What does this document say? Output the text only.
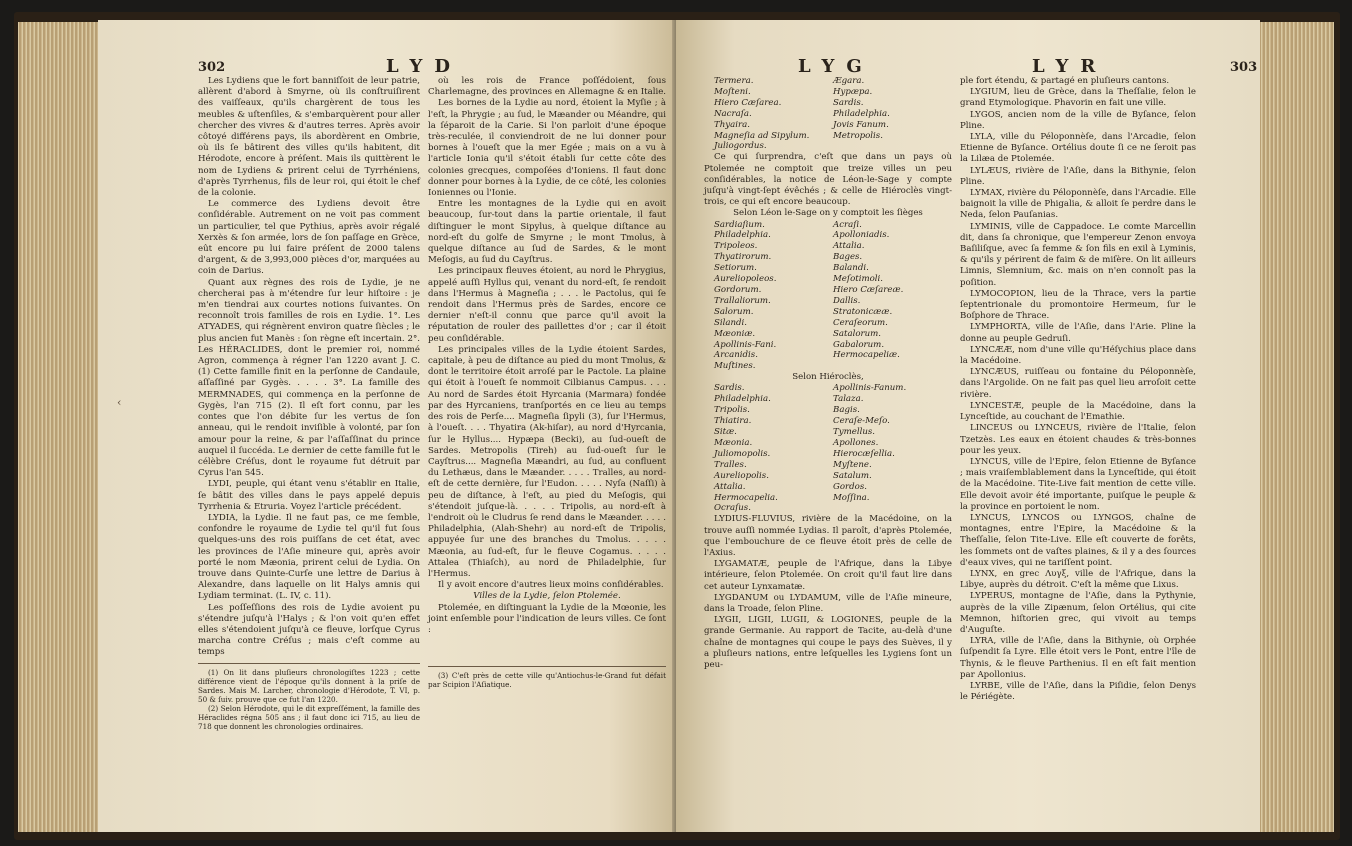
302	LYD

Les Lydiens que le fort banniſſoit de leur patrie, allèrent d'abord à Smyrne, où ils conſtruiſirent des vaiſſeaux, qu'ils chargèrent de tous les meubles & uſtenſiles, & s'embarquèrent pour aller chercher des vivres & d'autres terres. Après avoir côtoyé différens pays, ils abordèrent en Ombrie, où ils ſe bâtirent des villes qu'ils habitent, dit Hérodote, encore à préſent. Mais ils quittèrent le nom de Lydiens & prirent celui de Tyrrhéniens, d'après Tyrrhenus, fils de leur roi, qui étoit le chef de la colonie.

Le commerce des Lydiens devoit être conſidérable. Autrement on ne voit pas comment un particulier, tel que Pythius, après avoir régalé Xerxès & ſon armée, lors de ſon paſſage en Grèce, eût encore pu lui faire préſent de 2000 talens d'argent, & de 3,993,000 pièces d'or, marquées au coin de Darius.

Quant aux règnes des rois de Lydie, je ne chercherai pas à m'étendre ſur leur hiſtoire : je m'en tiendrai aux courtes notions ſuivantes. On reconnoît trois familles de rois en Lydie. 1°. Les ATYADES, qui régnèrent environ quatre ſiècles ; le plus ancien fut Manès : ſon règne eſt incertain. 2°. Les HÉRACLIDES, dont le premier roi, nommé Agron, commença à régner l'an 1220 avant J. C. (1) Cette famille finit en la perſonne de Candaule, aſſaſſiné par Gygès. . . . . 3°. La famille des MERMNADES, qui commença en la perſonne de Gygès, l'an 715 (2). Il eſt fort connu, par les contes que l'on débite ſur les vertus de ſon anneau, qui le rendoit inviſible à volonté, par ſon amour pour la reine, & par l'aſſaſſinat du prince auquel il ſuccéda. Le dernier de cette famille fut le célèbre Créſus, dont le royaume fut détruit par Cyrus l'an 545.

LYDI, peuple, qui étant venu s'établir en Italie, ſe bâtit des villes dans le pays appelé depuis Tyrrhenia & Etruria. Voyez l'article précédent.

LYDIA, la Lydie. Il ne faut pas, ce me ſemble, confondre le royaume de Lydie tel qu'il fut ſous quelques-uns des rois puiſſans de cet état, avec les provinces de l'Aſie mineure qui, après avoir porté le nom Mæonia, prirent celui de Lydia. On trouve dans Quinte-Curſe une lettre de Darius à Alexandre, dans laquelle on lit Halys amnis qui Lydiam terminat. (L. IV, c. 11).

Les poſſeſſions des rois de Lydie avoient pu s'étendre juſqu'à l'Halys ; & l'on voit qu'en effet elles s'étendoient juſqu'à ce fleuve, lorſque Cyrus marcha contre Créſus ; mais c'eſt comme au temps

(1) On lit dans pluſieurs chronologiſtes 1223 ; cette différence vient de l'époque qu'ils donnent à la priſe de Sardes. Mais M. Larcher, chronologie d'Hérodote, T. VI, p. 50 & ſuiv. prouve que ce fut l'an 1220.

(2) Selon Hérodote, qui le dit expreſſément, la famille des Héraclides régna 505 ans ; il faut donc ici 715, au lieu de 718 que donnent les chronologies ordinaires.

où les rois de France poſſédoient, ſous Charlemagne, des provinces en Allemagne & en Italie.

Les bornes de la Lydie au nord, étoient la Myſie ; à l'eſt, la Phrygie ; au ſud, le Mæander ou Méandre, qui la ſéparoit de la Carie. Si l'on parloit d'une époque très-reculée, il conviendroit de ne lui donner pour bornes à l'oueſt que la mer Egée ; mais on a vu à l'article Ionia qu'il s'étoit établi ſur cette côte des colonies grecques, compoſées d'Ioniens. Il faut donc donner pour bornes à la Lydie, de ce côté, les colonies Ioniennes ou l'Ionie.

Entre les montagnes de la Lydie qui en avoit beaucoup, ſur-tout dans la partie orientale, il faut diſtinguer le mont Sipylus, à quelque diſtance au nord-eſt du golfe de Smyrne ; le mont Tmolus, à quelque diſtance au ſud de Sardes, & le mont Meſogis, au ſud du Cayſtrus.

Les principaux fleuves étoient, au nord le Phrygius, appelé auſſi Hyllus qui, venant du nord-eſt, ſe rendoit dans l'Hermus à Magneſia ; . . . le Pactolus, qui ſe rendoit dans l'Hermus près de Sardes, encore ce dernier n'eſt-il connu que parce qu'il avoit la réputation de rouler des paillettes d'or ; car il étoit peu conſidérable.

Les principales villes de la Lydie étoient Sardes, capitale, à peu de diſtance au pied du mont Tmolus, & dont le territoire étoit arroſé par le Pactole. La plaine qui étoit à l'oueſt ſe nommoit Cilbianus Campus. . . . Au nord de Sardes étoit Hyrcania (Marmara) fondée par des Hyrcaniens, tranſportés en ce lieu au temps des rois de Perſe.... Magneſia ſipyli (3), ſur l'Hermus, à l'oueſt. . . . Thyatira (Ak-hiſar), au nord d'Hyrcania, ſur le Hyllus.... Hypæpa (Becki), au ſud-oueſt de Sardes. Metropolis (Tireh) au ſud-oueſt ſur le Cayſtrus.... Magneſia Mæandri, au ſud, au confluent du Lethæus, dans le Mæander. . . . . Tralles, au nord-eſt de cette dernière, ſur l'Eudon. . . . . Nyſa (Naſſi) à peu de diſtance, à l'eſt, au pied du Meſogis, qui s'étendoit juſque-là. . . . . Tripolis, au nord-eſt à l'endroit où le Cludrus ſe rend dans le Mæander. . . . . Philadelphia, (Alah-Shehr) au nord-eſt de Tripolis, appuyée ſur une des branches du Tmolus. . . . . Mæonia, au ſud-eſt, ſur le fleuve Cogamus. . . . . Attalea (Thiaſch), au nord de Philadelphie, ſur l'Hermus.

Il y avoit encore d'autres lieux moins conſidérables.

Villes de la Lydie, ſelon Ptolemée.

Ptolemée, en diſtinguant la Lydie de la Mœonie, les joint enſemble pour l'indication de leurs villes. Ce ſont :

(3) C'eſt près de cette ville qu'Antiochus-le-Grand fut défait par Scipion l'Aſiatique.

LYG	LYR	303
Termera.	Ægara.
Moſteni.	Hypæpa.
Hiero Cæſarea.	Sardis.
Nacraſa.	Philadelphia.
Thyaira.	Jovis Fanum.
Magneſia ad Sipylum.	Metropolis.
Juliogordus.

Ce qui ſurprendra, c'eſt que dans un pays où Ptolemée ne comptoit que treize villes un peu conſidérables, la notice de Léon-le-Sage y compte juſqu'à vingt-ſept évêchés ; & celle de Hiéroclès vingt-trois, ce qui eſt encore beaucoup.

Selon Léon le-Sage on y comptoit les ſièges

Sardiaſium.	Acraſi.
Philadelphia.	Apolloniadis.
Tripoleos.	Attalia.
Thyatirorum.	Bages.
Setiorum.	Balandi.
Aureliopoleos.	Meſotimoli.
Gordorum.	Hiero Cæſareæ.
Trallaliorum.	Dallis.
Salorum.	Stratonicææ.
Silandi.	Ceraſeorum.
Mæoniæ.	Satalorum.
Apollinis-Fani.	Gabalorum.
Arcanidis.	Hermocapeliæ.
Muſtines.

Selon Hiéroclès,

Sardis.	Apollinis-Fanum.
Philadelphia.	Talaza.
Tripolis.	Bagis.
Thiatira.	Ceraſe-Meſo.
Sitæ.	Tymellus.
Mæonia.	Apollones.
Juliomopolis.	Hierocæſellia.
Tralles.	Myſtene.
Aureliopolis.	Satalum.
Attalia.	Gordos.
Hermocapelia.	Moſſina.
Ocraſus.

LYDIUS-FLUVIUS, rivière de la Macédoine, on la trouve auſſi nommée Lydias. Il paroît, d'après Ptolemée, que l'embouchure de ce fleuve étoit près de celle de l'Axius.

LYGAMATÆ, peuple de l'Afrique, dans la Libye intérieure, ſelon Ptolemée. On croit qu'il faut lire dans cet auteur Lynxamatæ.

LYGDANUM ou LYDAMUM, ville de l'Aſie mineure, dans la Troade, ſelon Pline.

LYGII, LIGII, LUGII, & LOGIONES, peuple de la grande Germanie. Au rapport de Tacite, au-delà d'une chaîne de montagnes qui coupe le pays des Suèves, il y a pluſieurs nations, entre leſquelles les Lygiens ſont un peu-

ple fort étendu, & partagé en pluſieurs cantons.

LYGIUM, lieu de Grèce, dans la Theſſalie, ſelon le grand Etymologique. Phavorin en fait une ville.

LYGOS, ancien nom de la ville de Byſance, ſelon Pline.

LYLA, ville du Péloponnèſe, dans l'Arcadie, ſelon Etienne de Byſance. Ortélius doute ſi ce ne ſeroit pas la Lilæa de Ptolemée.

LYLÆUS, rivière de l'Aſie, dans la Bithynie, ſelon Pline.

LYMAX, rivière du Péloponnèſe, dans l'Arcadie. Elle baignoit la ville de Phigalia, & alloit ſe perdre dans le Neda, ſelon Pauſanias.

LYMINIS, ville de Cappadoce. Le comte Marcellin dit, dans ſa chronique, que l'empereur Zenon envoya Baſiliſque, avec ſa femme & ſon fils en exil à Lyminis, & qu'ils y périrent de faim & de miſère. On lit ailleurs Limnis, Slemnium, &c. mais on n'en connoît pas la poſition.

LYMOCOPION, lieu de la Thrace, vers la partie ſeptentrionale du promontoire Hermeum, ſur le Boſphore de Thrace.

LYMPHORTA, ville de l'Aſie, dans l'Arie. Pline la donne au peuple Gedruſi.

LYNCÆÆ, nom d'une ville qu'Héſychius place dans la Macédoine.

LYNCÆUS, ruiſſeau ou fontaine du Péloponnèſe, dans l'Argolide. On ne fait pas quel lieu arroſoit cette rivière.

LYNCESTÆ, peuple de la Macédoine, dans la Lynceſtide, au couchant de l'Emathie.

LINCEUS ou LYNCEUS, rivière de l'Italie, ſelon Tzetzès. Les eaux en étoient chaudes & très-bonnes pour les yeux.

LYNCUS, ville de l'Epire, ſelon Etienne de Byſance ; mais vraiſemblablement dans la Lynceſtide, qui étoit de la Macédoine. Tite-Live fait mention de cette ville. Elle devoit avoir été importante, puiſque le peuple & la province en portoient le nom.

LYNCUS, LYNCOS ou LYNGOS, chaîne de montagnes, entre l'Epire, la Macédoine & la Theſſalie, ſelon Tite-Live. Elle eſt couverte de forêts, les ſommets ont de vaſtes plaines, & il y a des ſources d'eaux vives, qui ne tariſſent point.

LYNX, en grec Λυγξ, ville de l'Afrique, dans la Libye, auprès du détroit. C'eſt la même que Lixus.

LYPERUS, montagne de l'Aſie, dans la Pythynie, auprès de la ville Zipænum, ſelon Ortélius, qui cite Memnon, hiſtorien grec, qui vivoit au temps d'Auguſte.

LYRA, ville de l'Aſie, dans la Bithynie, où Orphée ſuſpendit ſa Lyre. Elle étoit vers le Pont, entre l'île de Thynis, & le fleuve Parthenius. Il en eſt fait mention par Apollonius.

LYRBE, ville de l'Aſie, dans la Piſidie, ſelon Denys le Périégète.

‹
